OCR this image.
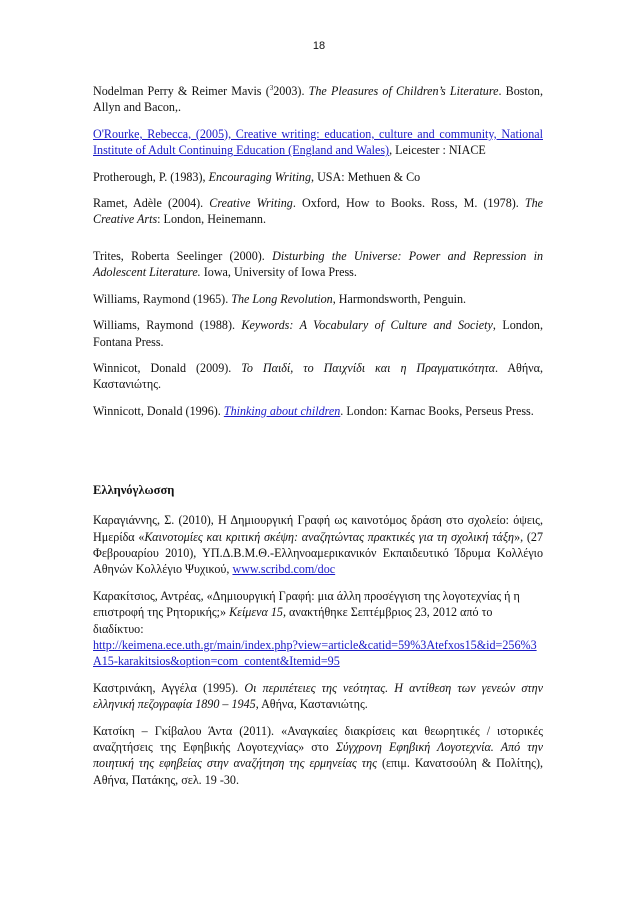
18

Nodelman Perry & Reimer Mavis ($^3$2003). The Pleasures of Children’s Literature. Boston, Allyn and Bacon,.

O'Rourke, Rebecca, (2005), Creative writing: education, culture and community, National Institute of Adult Continuing Education (England and Wales), Leicester : NIACE

Protherough, P. (1983), Encouraging Writing, USA: Methuen & Co

Ramet, Adèle (2004). Creative Writing. Oxford, How to Books. Ross, M. (1978). The Creative Arts: London, Heinemann.

Trites, Roberta Seelinger (2000). Disturbing the Universe: Power and Repression in Adolescent Literature. Iowa, University of Iowa Press.

Williams, Raymond (1965). The Long Revolution, Harmondsworth, Penguin.

Williams, Raymond (1988). Keywords: A Vocabulary of Culture and Society, London, Fontana Press.

Winnicot, Donald (2009). Το Παιδί, το Παιχνίδι και η Πραγματικότητα. Αθήνα, Καστανιώτης.

Winnicott, Donald (1996). Thinking about children. London: Karnac Books, Perseus Press.

Ελληνόγλωσση

Καραγιάννης, Σ. (2010), Η Δημιουργική Γραφή ως καινοτόμος δράση στο σχολείο: όψεις, Ημερίδα «Καινοτομίες και κριτική σκέψη: αναζητώντας πρακτικές για τη σχολική τάξη», (27 Φεβρουαρίου 2010), ΥΠ.Δ.Β.Μ.Θ.-Ελληνοαμερικανικόν Εκπαιδευτικό Ίδρυμα Κολλέγιο Αθηνών Κολλέγιο Ψυχικού, www.scribd.com/doc

Καρακίτσιος, Αντρέας, «Δημιουργική Γραφή: μια άλλη προσέγγιση της λογοτεχνίας ή η επιστροφή της Ρητορικής;» Κείμενα 15, ανακτήθηκε Σεπτέμβριος 23, 2012 από το διαδίκτυο:
http://keimena.ece.uth.gr/main/index.php?view=article&catid=59%3Atefxos15&id=256%3A15-karakitsios&option=com_content&Itemid=95

Καστρινάκη, Αγγέλα (1995). Οι περιπέτειες της νεότητας. Η αντίθεση των γενεών στην ελληνική πεζογραφία 1890 – 1945, Αθήνα, Καστανιώτης.

Κατσίκη – Γκίβαλου Άντα (2011). «Αναγκαίες διακρίσεις και θεωρητικές / ιστορικές αναζητήσεις της Εφηβικής Λογοτεχνίας» στο Σύγχρονη Εφηβική Λογοτεχνία. Από την ποιητική της εφηβείας στην αναζήτηση της ερμηνείας της (επιμ. Κανατσούλη & Πολίτης), Αθήνα, Πατάκης, σελ. 19 -30.
